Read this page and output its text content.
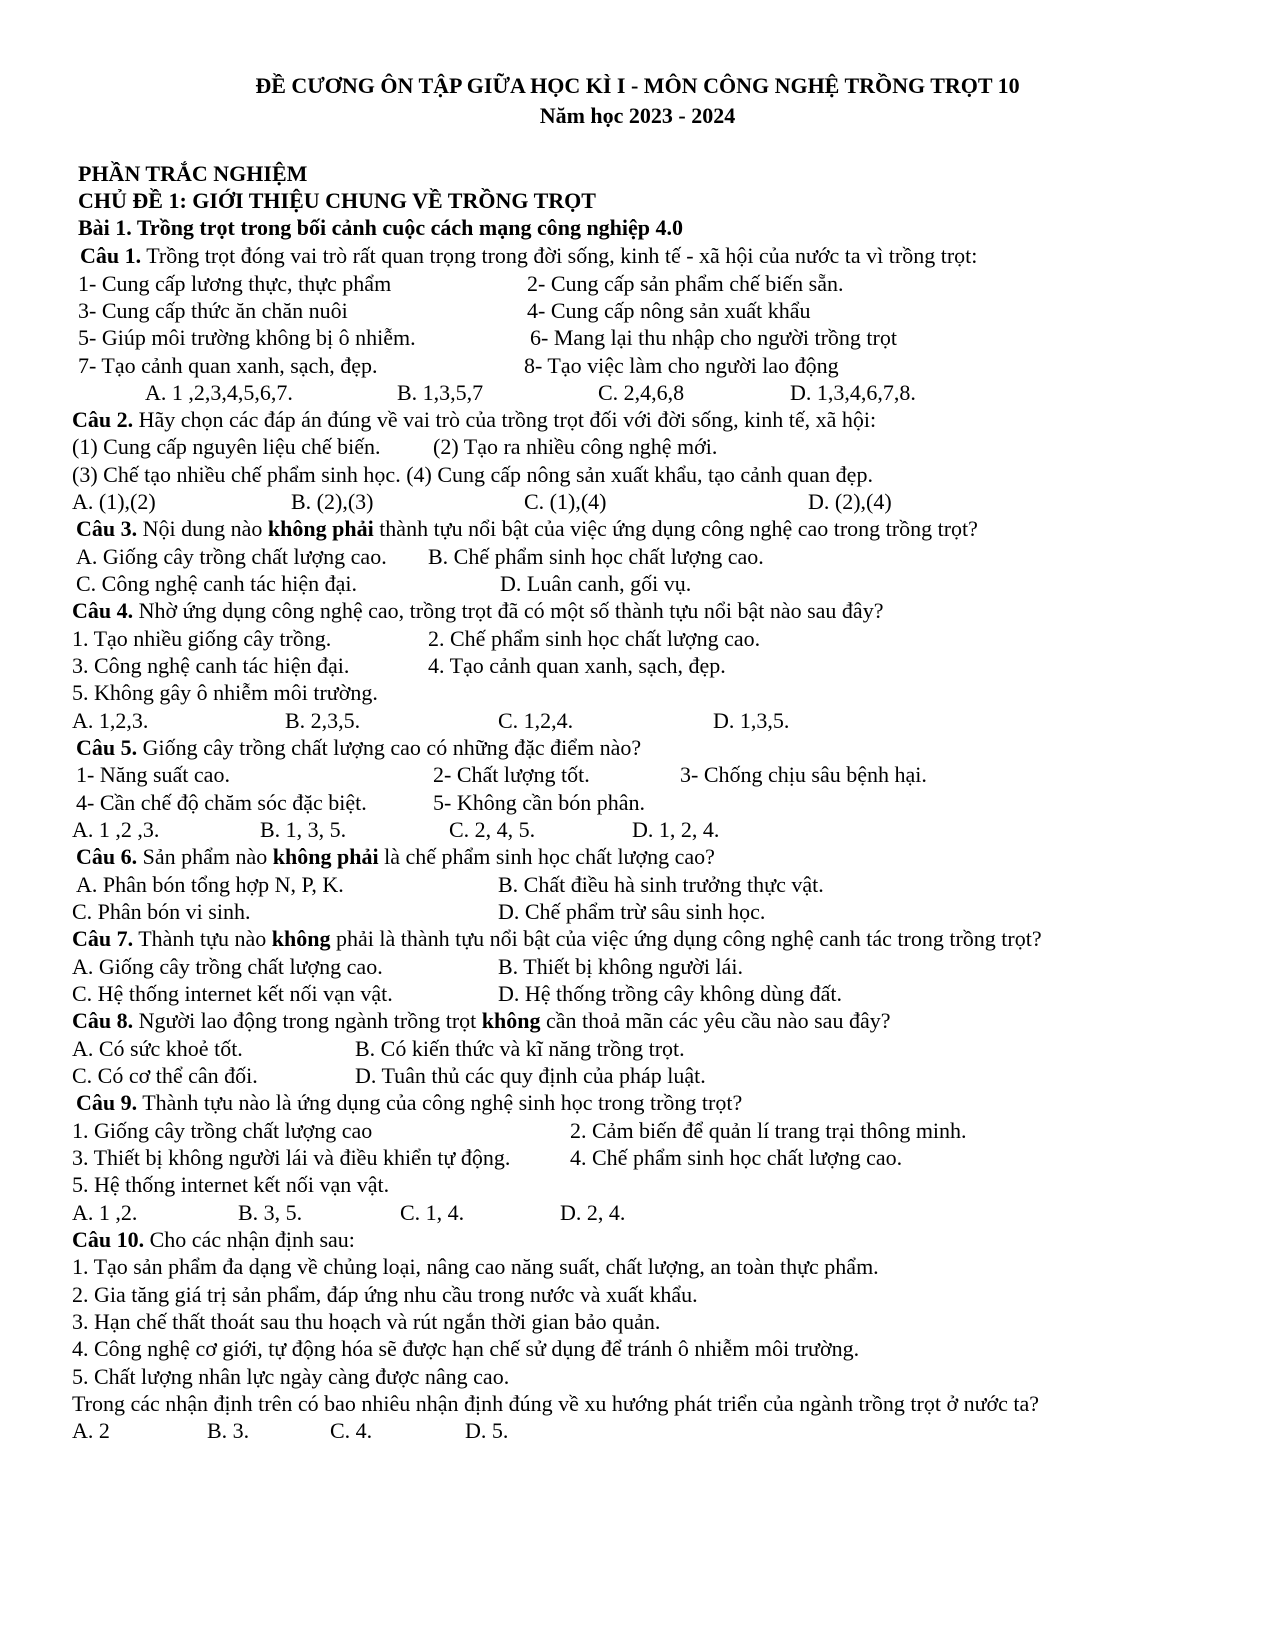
ĐỀ CƯƠNG ÔN TẬP GIỮA HỌC KÌ I - MÔN CÔNG NGHỆ TRỒNG TRỌT 10
Năm học 2023 - 2024
PHẦN TRẮC NGHIỆM
CHỦ ĐỀ 1: GIỚI THIỆU CHUNG VỀ TRỒNG TRỌT
Bài 1. Trồng trọt trong bối cảnh cuộc cách mạng công nghiệp 4.0
Câu 1. Trồng trọt đóng vai trò rất quan trọng trong đời sống, kinh tế - xã hội của nước ta vì trồng trọt:
1- Cung cấp lương thực, thực phẩm	2- Cung cấp sản phẩm chế biến sẵn.
3- Cung cấp thức ăn chăn nuôi	4- Cung cấp nông sản xuất khẩu
5- Giúp môi trường không bị ô nhiễm.	6- Mang lại thu nhập cho người trồng trọt
7- Tạo cảnh quan xanh, sạch, đẹp.	8- Tạo việc làm cho người lao động
A. 1 ,2,3,4,5,6,7.	B. 1,3,5,7	C. 2,4,6,8	D. 1,3,4,6,7,8.
Câu 2. Hãy chọn các đáp án đúng về vai trò của trồng trọt đối với đời sống, kinh tế, xã hội:
(1) Cung cấp nguyên liệu chế biến. (2) Tạo ra nhiều công nghệ mới.
(3) Chế tạo nhiều chế phẩm sinh học. (4) Cung cấp nông sản xuất khẩu, tạo cảnh quan đẹp.
A. (1),(2)	B. (2),(3)	C. (1),(4)	D. (2),(4)
Câu 3. Nội dung nào không phải thành tựu nổi bật của việc ứng dụng công nghệ cao trong trồng trọt?
A. Giống cây trồng chất lượng cao. B. Chế phẩm sinh học chất lượng cao.
C. Công nghệ canh tác hiện đại.	D. Luân canh, gối vụ.
Câu 4. Nhờ ứng dụng công nghệ cao, trồng trọt đã có một số thành tựu nổi bật nào sau đây?
1. Tạo nhiều giống cây trồng.	2. Chế phẩm sinh học chất lượng cao.
3. Công nghệ canh tác hiện đại.	4. Tạo cảnh quan xanh, sạch, đẹp.
5. Không gây ô nhiễm môi trường.
A. 1,2,3.	B. 2,3,5.	C. 1,2,4.	D. 1,3,5.
Câu 5. Giống cây trồng chất lượng cao có những đặc điểm nào?
1- Năng suất cao.	2- Chất lượng tốt.	3- Chống chịu sâu bệnh hại.
4- Cần chế độ chăm sóc đặc biệt.	5- Không cần bón phân.
A. 1 ,2 ,3.	B. 1, 3, 5.	C. 2, 4, 5.	D. 1, 2, 4.
Câu 6. Sản phẩm nào không phải là chế phẩm sinh học chất lượng cao?
A. Phân bón tổng hợp N, P, K.	B. Chất điều hà sinh trưởng thực vật.
C. Phân bón vi sinh.	D. Chế phẩm trừ sâu sinh học.
Câu 7. Thành tựu nào không phải là thành tựu nổi bật của việc ứng dụng công nghệ canh tác trong trồng trọt?
A. Giống cây trồng chất lượng cao.	B. Thiết bị không người lái.
C. Hệ thống internet kết nối vạn vật.	D. Hệ thống trồng cây không dùng đất.
Câu 8. Người lao động trong ngành trồng trọt không cần thoả mãn các yêu cầu nào sau đây?
A. Có sức khoẻ tốt.	B. Có kiến thức và kĩ năng trồng trọt.
C. Có cơ thể cân đối.	D. Tuân thủ các quy định của pháp luật.
Câu 9. Thành tựu nào là ứng dụng của công nghệ sinh học trong trồng trọt?
1. Giống cây trồng chất lượng cao	2. Cảm biến để quản lí trang trại thông minh.
3. Thiết bị không người lái và điều khiển tự động.	4. Chế phẩm sinh học chất lượng cao.
5. Hệ thống internet kết nối vạn vật.
A. 1 ,2.	B. 3, 5.	C. 1, 4.	D. 2, 4.
Câu 10. Cho các nhận định sau:
1. Tạo sản phẩm đa dạng về chủng loại, nâng cao năng suất, chất lượng, an toàn thực phẩm.
2. Gia tăng giá trị sản phẩm, đáp ứng nhu cầu trong nước và xuất khẩu.
3. Hạn chế thất thoát sau thu hoạch và rút ngắn thời gian bảo quản.
4. Công nghệ cơ giới, tự động hóa sẽ được hạn chế sử dụng để tránh ô nhiễm môi trường.
5. Chất lượng nhân lực ngày càng được nâng cao.
Trong các nhận định trên có bao nhiêu nhận định đúng về xu hướng phát triển của ngành trồng trọt ở nước ta?
A. 2	B. 3.	C. 4.	D. 5.
